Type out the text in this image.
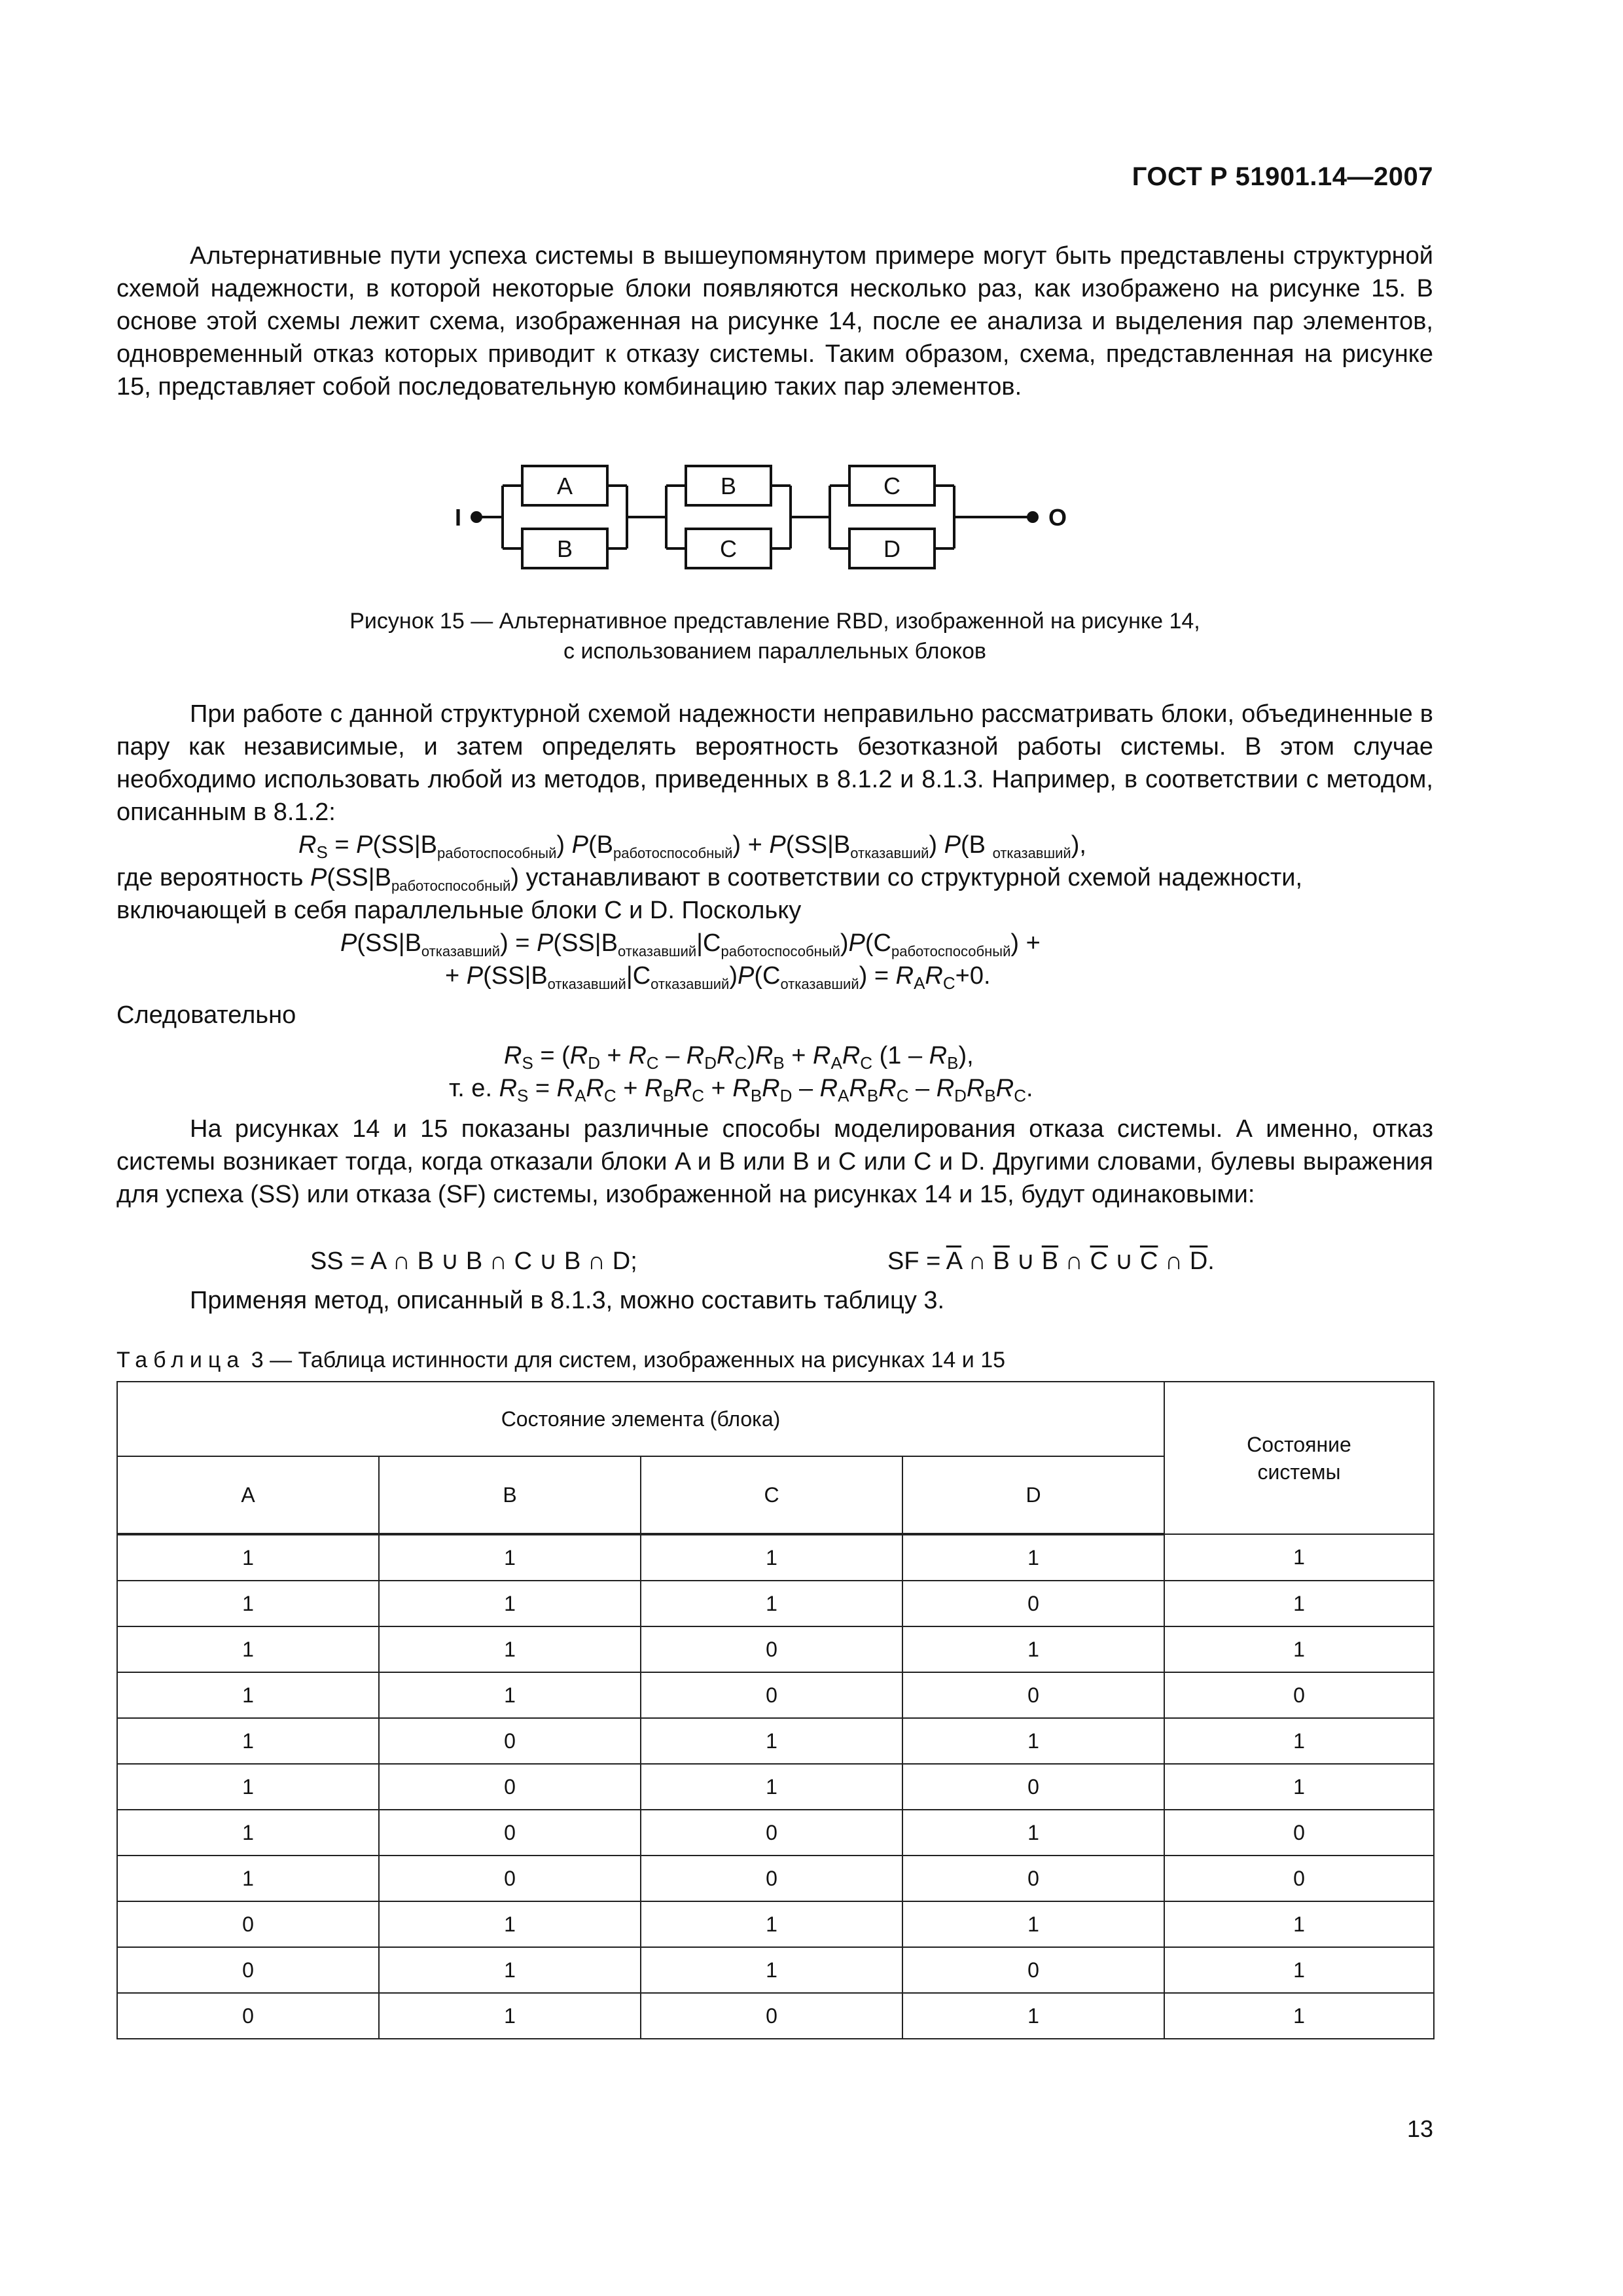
ГОСТ Р 51901.14—2007

Альтернативные пути успеха системы в вышеупомянутом примере могут быть представлены структурной схемой надежности, в которой некоторые блоки появляются несколько раз, как изображено на рисунке 15. В основе этой схемы лежит схема, изображенная на рисунке 14, после ее анализа и выделения пар элементов, одновременный отказ которых приводит к отказу системы. Таким образом, схема, представленная на рисунке 15, представляет собой последовательную комбинацию таких пар элементов.

I	O
A
B
B
C
C
D
Рисунок 15 — Альтернативное представление RBD, изображенной на рисунке 14,
с использованием параллельных блоков

При работе с данной структурной схемой надежности неправильно рассматривать блоки, объединенные в пару как независимые, и затем определять вероятность безотказной работы системы. В этом случае необходимо использовать любой из методов, приведенных в 8.1.2 и 8.1.3. Например, в соответствии с методом, описанным в 8.1.2:

$R_S = P(SS|B_{работоспособный}) P(B_{работоспособный}) + P(SS|B_{отказавший})$ P(B $_{отказавший}$),

где вероятность $P(SS|B_{работоспособный})$ устанавливают в соответствии со структурной схемой надежности,

включающей в себя параллельные блоки C и D. Поскольку

$P(SS|B_{отказавший}) = P(SS|B_{отказавший}|C_{работоспособный})P(C_{работоспособный})$ +
+ $P(SS|B_{отказавший}|C_{отказавший})P(C_{отказавший}) = R_AR_C+0$.

Следовательно

$R_S = (R_D + R_C - R_DR_C)R_B + R_AR_C$ $(1 - R_B)$,
т. е. $R_S = R_AR_C + R_BR_C + R_BR_D - R_AR_BR_C - R_DR_BR_C$.

На рисунках 14 и 15 показаны различные способы моделирования отказа системы. А именно, отказ системы возникает тогда, когда отказали блоки A и B или B и C или C и D. Другими словами, булевы выражения для успеха (SS) или отказа (SF) системы, изображенной на рисунках 14 и 15, будут одинаковыми:

SS = A ∩ B ∪ B ∩ C ∪ B ∩ D;	SF = $\overline{A}$ ∩ $\overline{B}$ ∪ $\overline{B}$ ∩ $\overline{C}$ ∪ $\overline{C}$ ∩ $\overline{D}$.

Применяя метод, описанный в 8.1.3, можно составить таблицу 3.

Таблица 3 — Таблица истинности для систем, изображенных на рисунках 14 и 15
Состояние элемента (блока)				Состояние
системы
A	B	C	D	
1	1	1	1	1
1	1	1	0	1
1	1	0	1	1
1	1	0	0	0
1	0	1	1	1
1	0	1	0	1
1	0	0	1	0
1	0	0	0	0
0	1	1	1	1
0	1	1	0	1
0	1	0	1	1
13
